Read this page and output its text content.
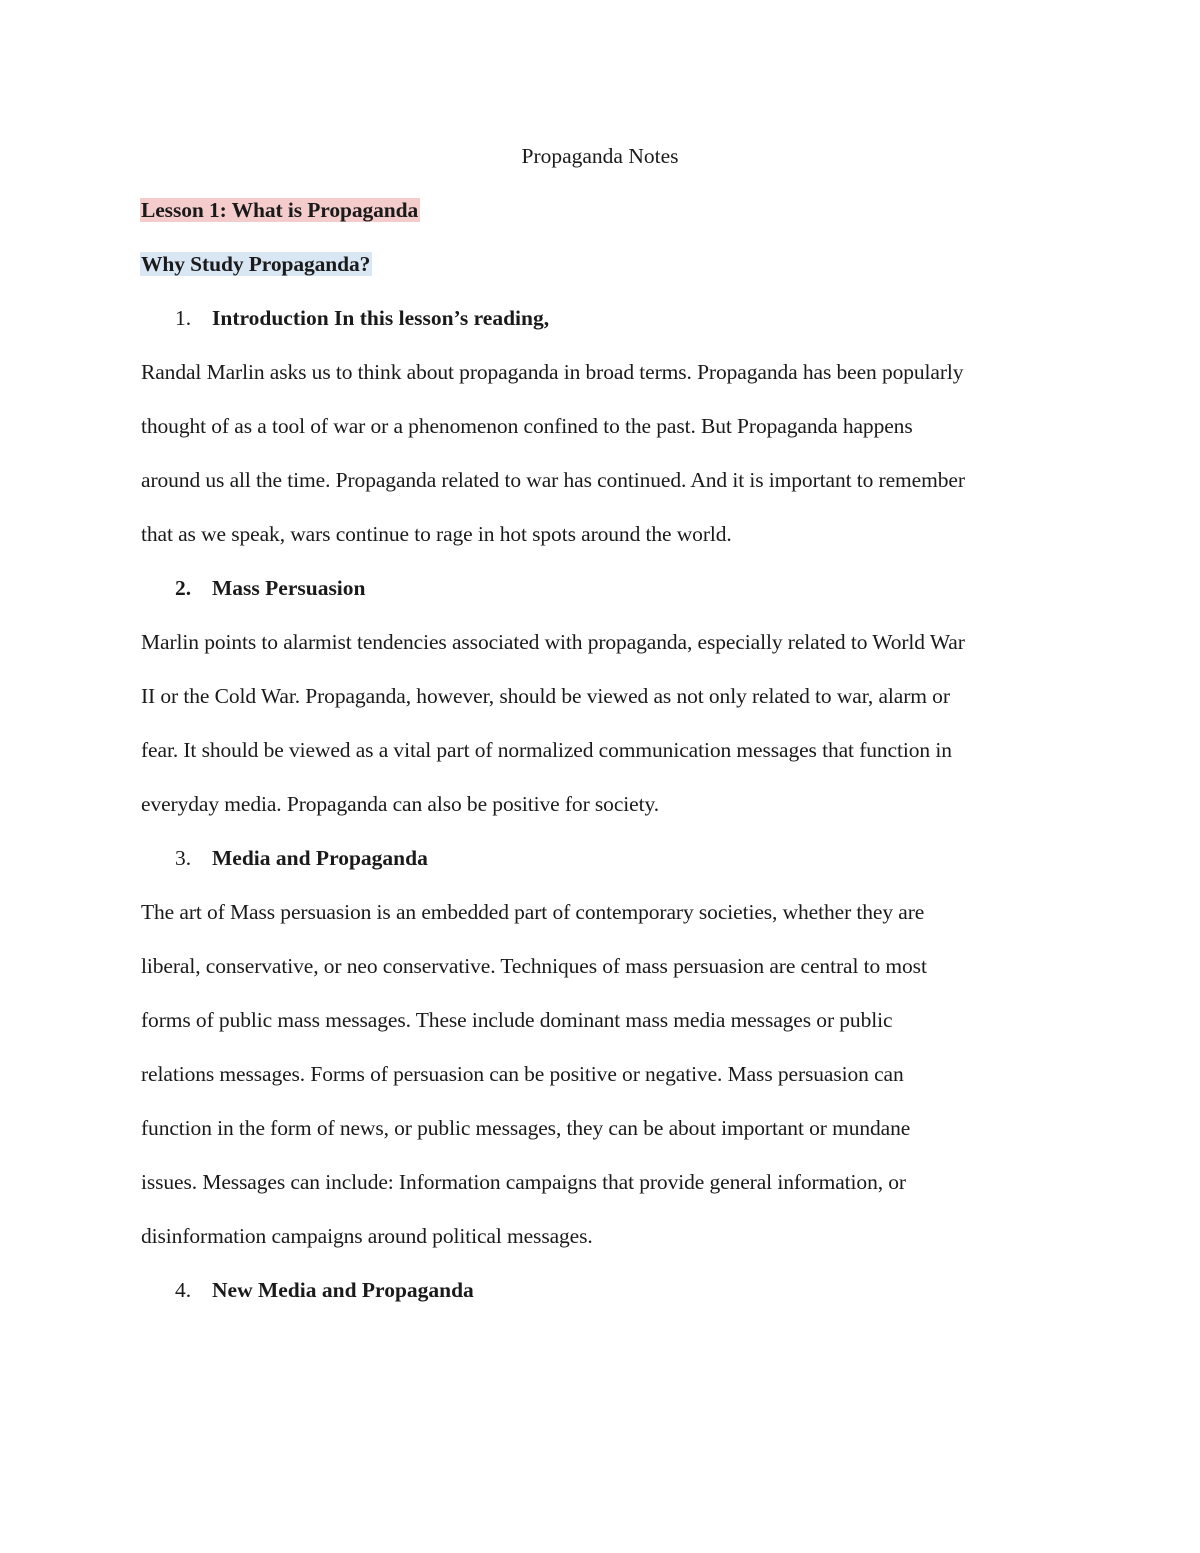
Propaganda Notes
Lesson 1: What is Propaganda
Why Study Propaganda?
1. Introduction In this lesson’s reading,
Randal Marlin asks us to think about propaganda in broad terms. Propaganda has been popularly
thought of as a tool of war or a phenomenon confined to the past. But Propaganda happens
around us all the time. Propaganda related to war has continued. And it is important to remember
that as we speak, wars continue to rage in hot spots around the world.
2. Mass Persuasion
Marlin points to alarmist tendencies associated with propaganda, especially related to World War
II or the Cold War. Propaganda, however, should be viewed as not only related to war, alarm or
fear. It should be viewed as a vital part of normalized communication messages that function in
everyday media. Propaganda can also be positive for society.
3. Media and Propaganda
The art of Mass persuasion is an embedded part of contemporary societies, whether they are
liberal, conservative, or neo conservative. Techniques of mass persuasion are central to most
forms of public mass messages. These include dominant mass media messages or public
relations messages. Forms of persuasion can be positive or negative. Mass persuasion can
function in the form of news, or public messages, they can be about important or mundane
issues. Messages can include: Information campaigns that provide general information, or
disinformation campaigns around political messages.
4. New Media and Propaganda
